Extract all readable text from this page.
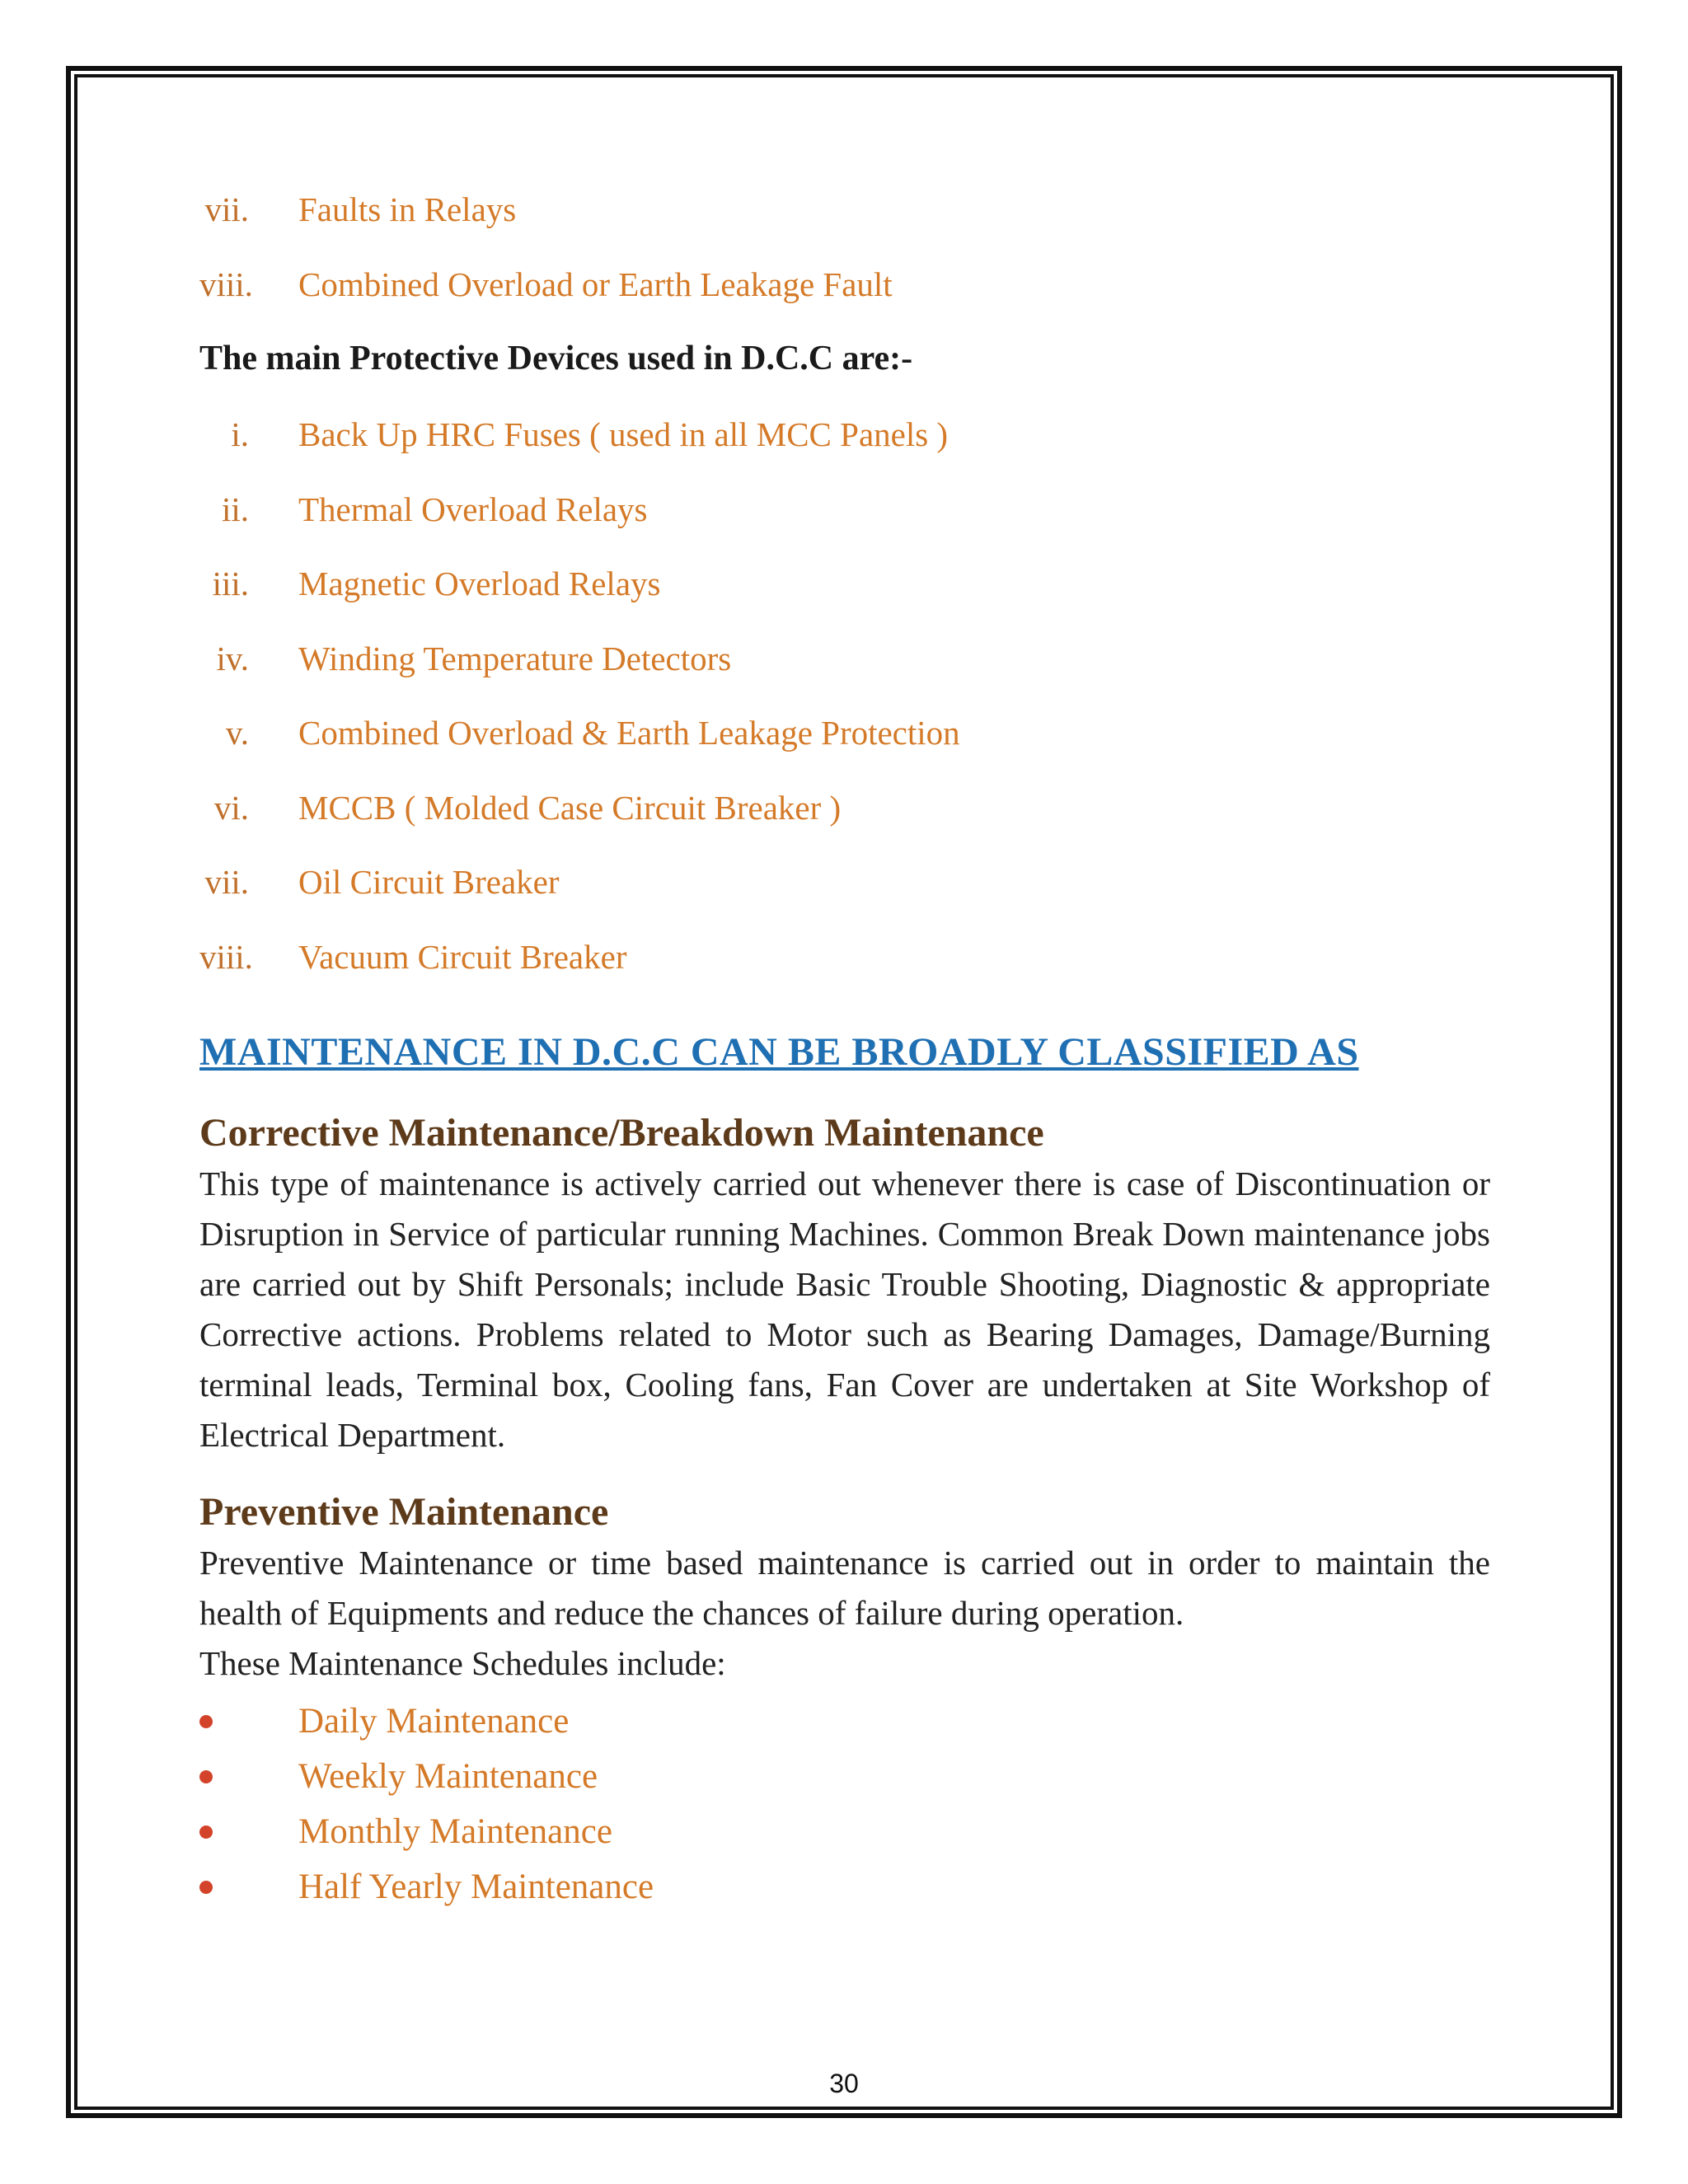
vii. Faults in Relays
viii. Combined Overload or Earth Leakage Fault
The main Protective Devices used in D.C.C are:-
i. Back Up HRC Fuses ( used in all MCC Panels )
ii. Thermal Overload Relays
iii. Magnetic Overload Relays
iv. Winding Temperature Detectors
v. Combined Overload & Earth Leakage Protection
vi. MCCB ( Molded Case Circuit Breaker )
vii. Oil Circuit Breaker
viii. Vacuum Circuit Breaker
MAINTENANCE IN D.C.C CAN BE BROADLY CLASSIFIED AS
Corrective Maintenance/Breakdown Maintenance

This type of maintenance is actively carried out whenever there is case of Discontinuation or Disruption in Service of particular running Machines. Common Break Down maintenance jobs are carried out by Shift Personals; include Basic Trouble Shooting, Diagnostic & appropriate Corrective actions. Problems related to Motor such as Bearing Damages, Damage/Burning terminal leads, Terminal box, Cooling fans, Fan Cover are undertaken at Site Workshop of Electrical Department.

Preventive Maintenance

Preventive Maintenance or time based maintenance is carried out in order to maintain the health of Equipments and reduce the chances of failure during operation.

These Maintenance Schedules include:

Daily Maintenance
Weekly Maintenance
Monthly Maintenance
Half Yearly Maintenance
30
